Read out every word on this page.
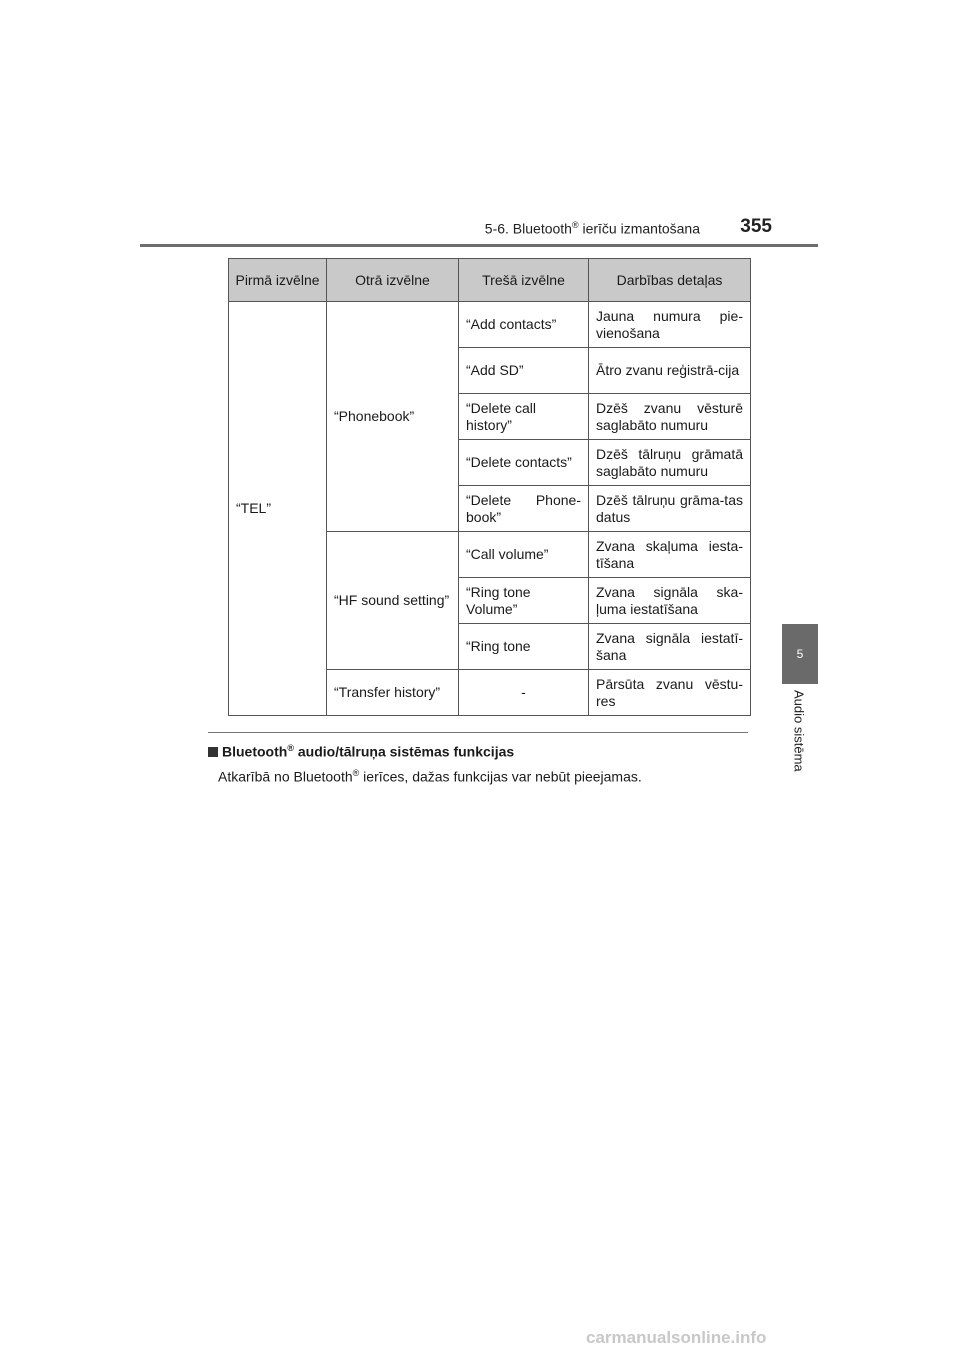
5-6. Bluetooth® ierīču izmantošana 355
5
Audio sistēma
Pirmā izvēlne	Otrā izvēlne	Trešā izvēlne	Darbības detaļas
“TEL”	“Phonebook”	“Add contacts”	Jauna numura pie-vienošana
		“Add SD”	Ātro zvanu reģistrā-cija
		“Delete call history”	Dzēš zvanu vēsturē saglabāto numuru
		“Delete contacts”	Dzēš tālruņu grāmatā saglabāto numuru
		“Delete Phone-book”	Dzēš tālruņu grāma-tas datus
	“HF sound setting”	“Call volume”	Zvana skaļuma iesta-tīšana
		“Ring tone Volume”	Zvana signāla ska-ļuma iestatīšana
		“Ring tone	Zvana signāla iestatī-šana
	“Transfer history”	-	Pārsūta zvanu vēstu-res
Bluetooth® audio/tālruņa sistēmas funkcijas
Atkarībā no Bluetooth® ierīces, dažas funkcijas var nebūt pieejamas.
carmanualsonline.info
